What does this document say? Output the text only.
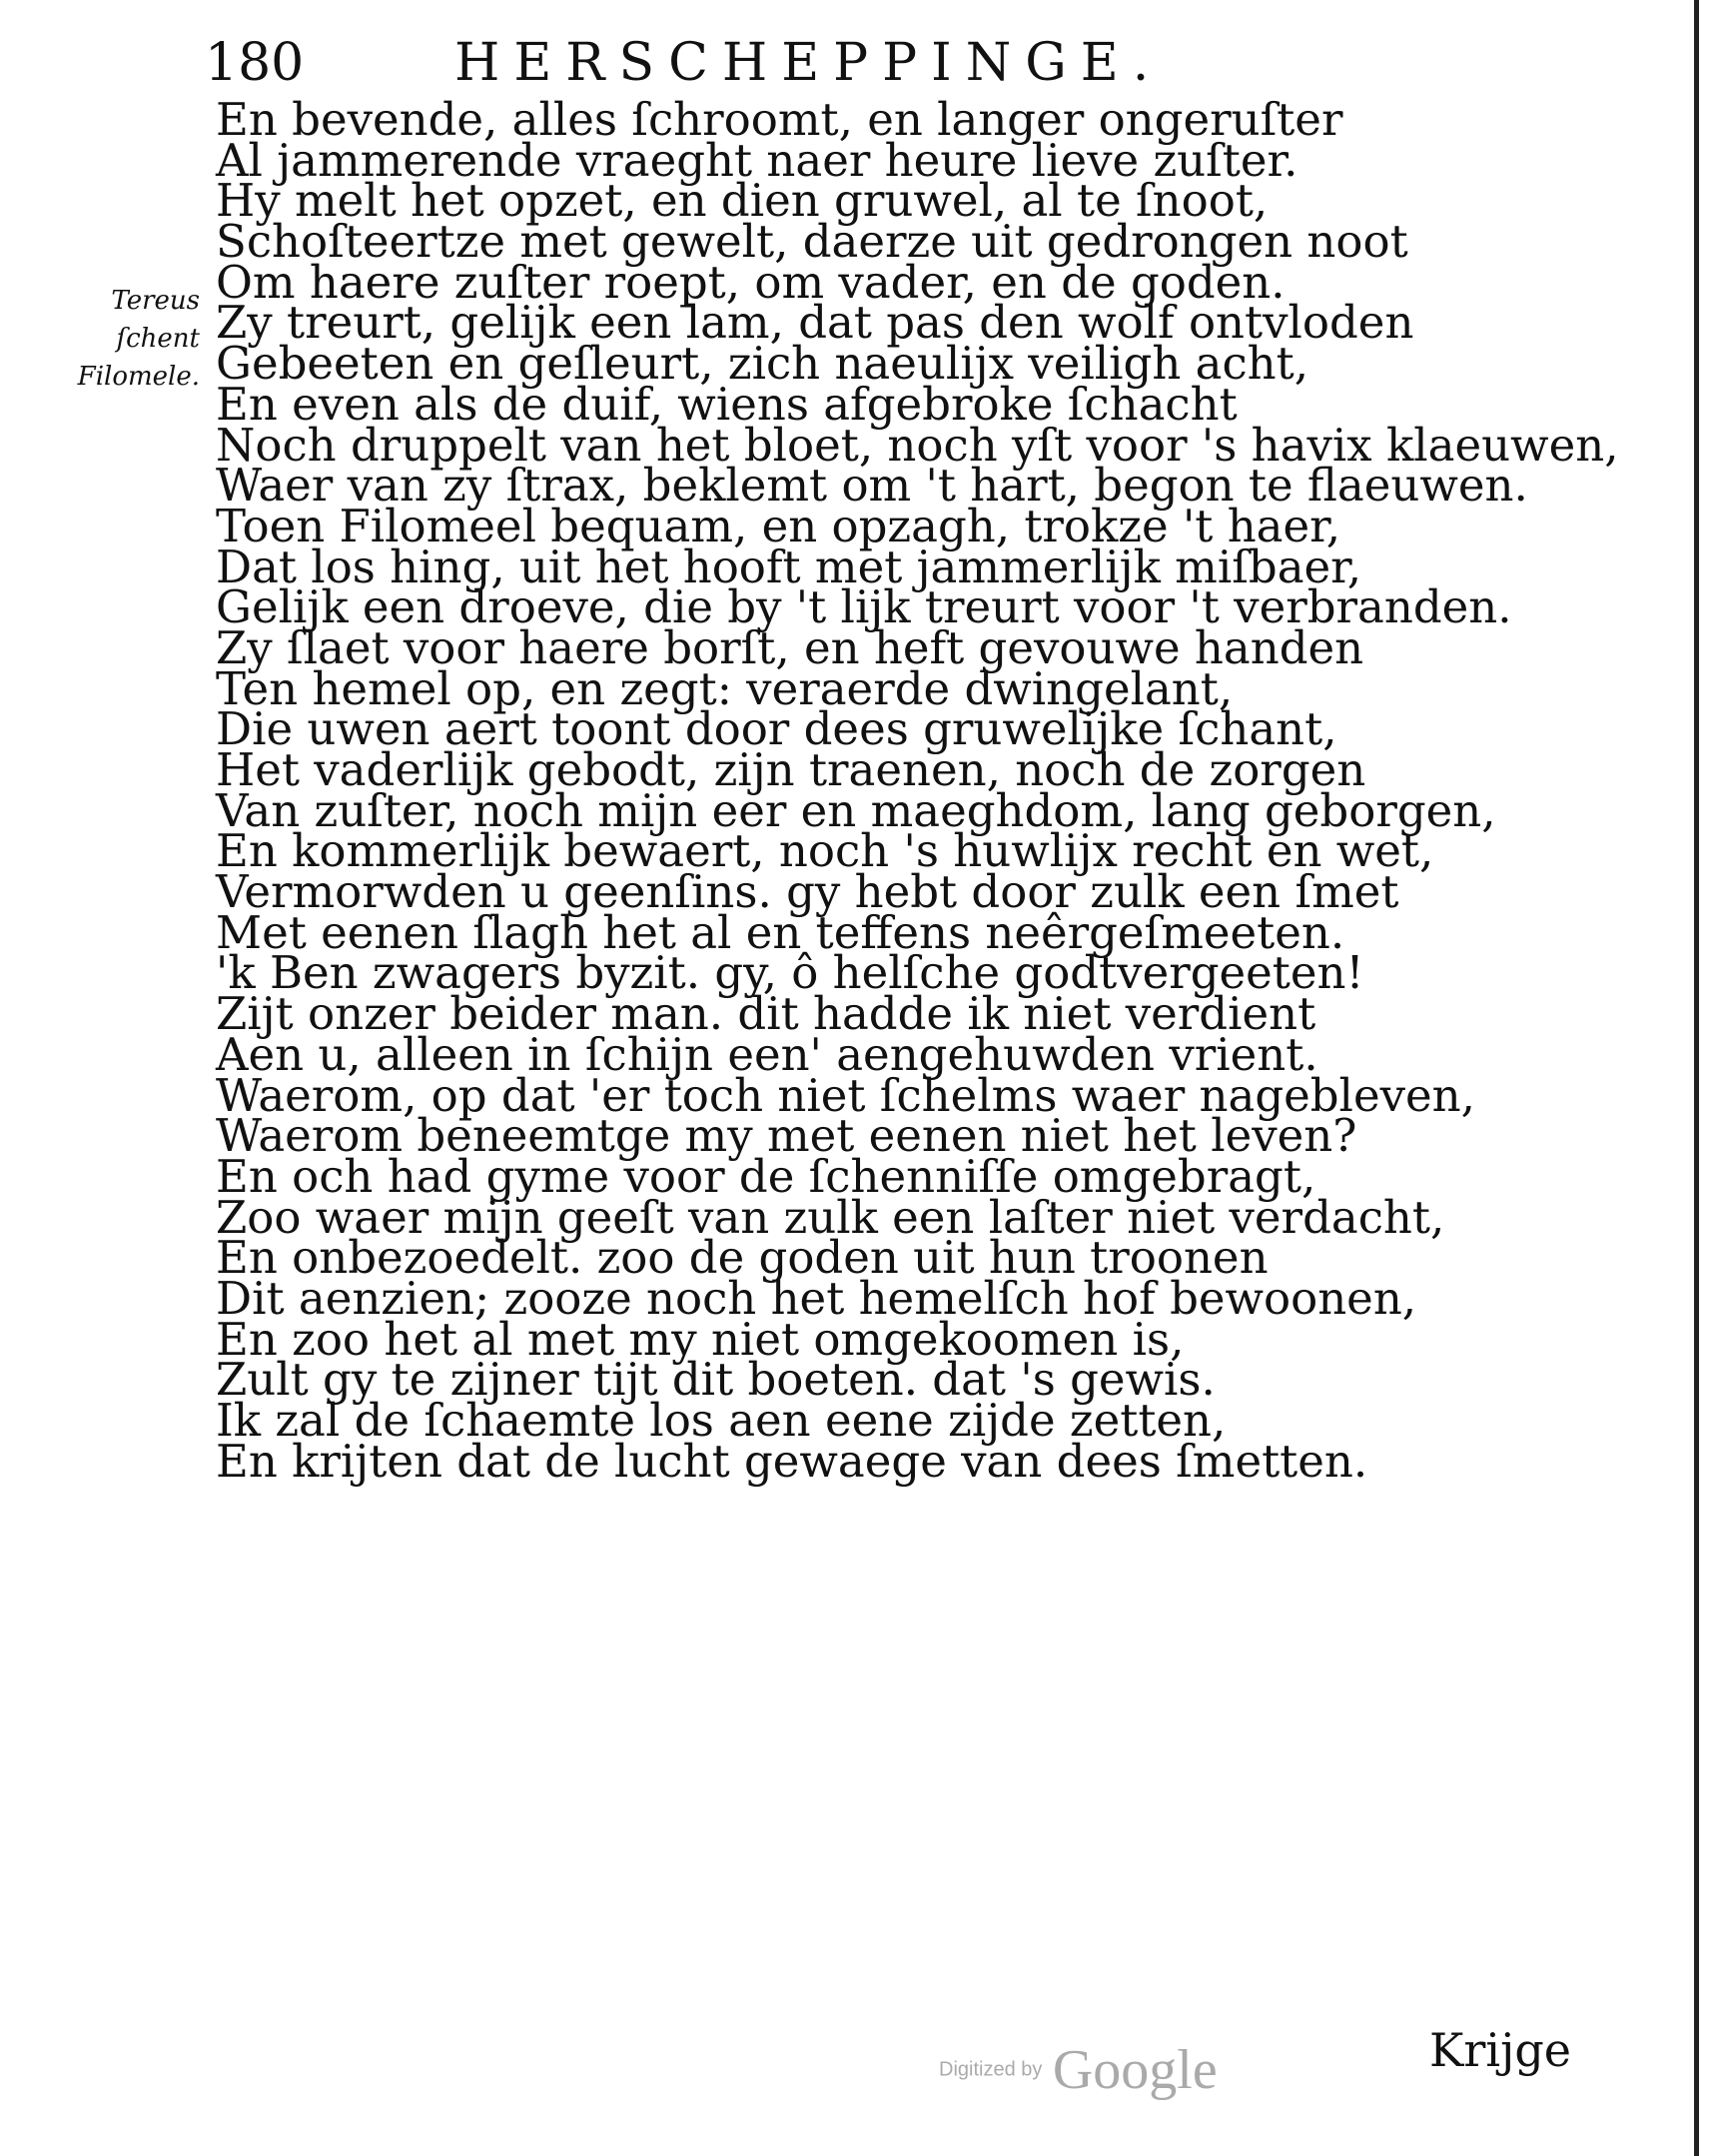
180	HERSCHEPPINGE.
Tereus
ſchent
Filomele.
En bevende, alles ſchroomt, en langer ongeruſter
Al jammerende vraeght naer heure lieve zuſter.
Hy melt het opzet, en dien gruwel, al te ſnoot,
Schoſteertze met gewelt, daerze uit gedrongen noot
Om haere zuſter roept, om vader, en de goden.
Zy treurt, gelijk een lam, dat pas den wolf ontvloden
Gebeeten en geſleurt, zich naeulijx veiligh acht,
En even als de duif, wiens afgebroke ſchacht
Noch druppelt van het bloet, noch yſt voor 's havix klaeuwen,
Waer van zy ſtrax, beklemt om 't hart, begon te flaeuwen.
Toen Filomeel bequam, en opzagh, trokze 't haer,
Dat los hing, uit het hooft met jammerlijk miſbaer,
Gelijk een droeve, die by 't lijk treurt voor 't verbranden.
Zy ſlaet voor haere borſt, en heft gevouwe handen
Ten hemel op, en zegt: veraerde dwingelant,
Die uwen aert toont door dees gruwelijke ſchant,
Het vaderlijk gebodt, zijn traenen, noch de zorgen
Van zuſter, noch mijn eer en maeghdom, lang geborgen,
En kommerlijk bewaert, noch 's huwlijx recht en wet,
Vermorwden u geenſins. gy hebt door zulk een ſmet
Met eenen ſlagh het al en teffens neêrgeſmeeten.
'k Ben zwagers byzit. gy, ô helſche godtvergeeten!
Zijt onzer beider man. dit hadde ik niet verdient
Aen u, alleen in ſchijn een' aengehuwden vrient.
Waerom, op dat 'er toch niet ſchelms waer nagebleven,
Waerom beneemtge my met eenen niet het leven?
En och had gyme voor de ſchenniſſe omgebragt,
Zoo waer mijn geeſt van zulk een laſter niet verdacht,
En onbezoedelt. zoo de goden uit hun troonen
Dit aenzien; zooze noch het hemelſch hof bewoonen,
En zoo het al met my niet omgekoomen is,
Zult gy te zijner tijt dit boeten. dat 's gewis.
Ik zal de ſchaemte los aen eene zijde zetten,
En krijten dat de lucht gewaege van dees ſmetten.
Krijge
Digitized by Google
